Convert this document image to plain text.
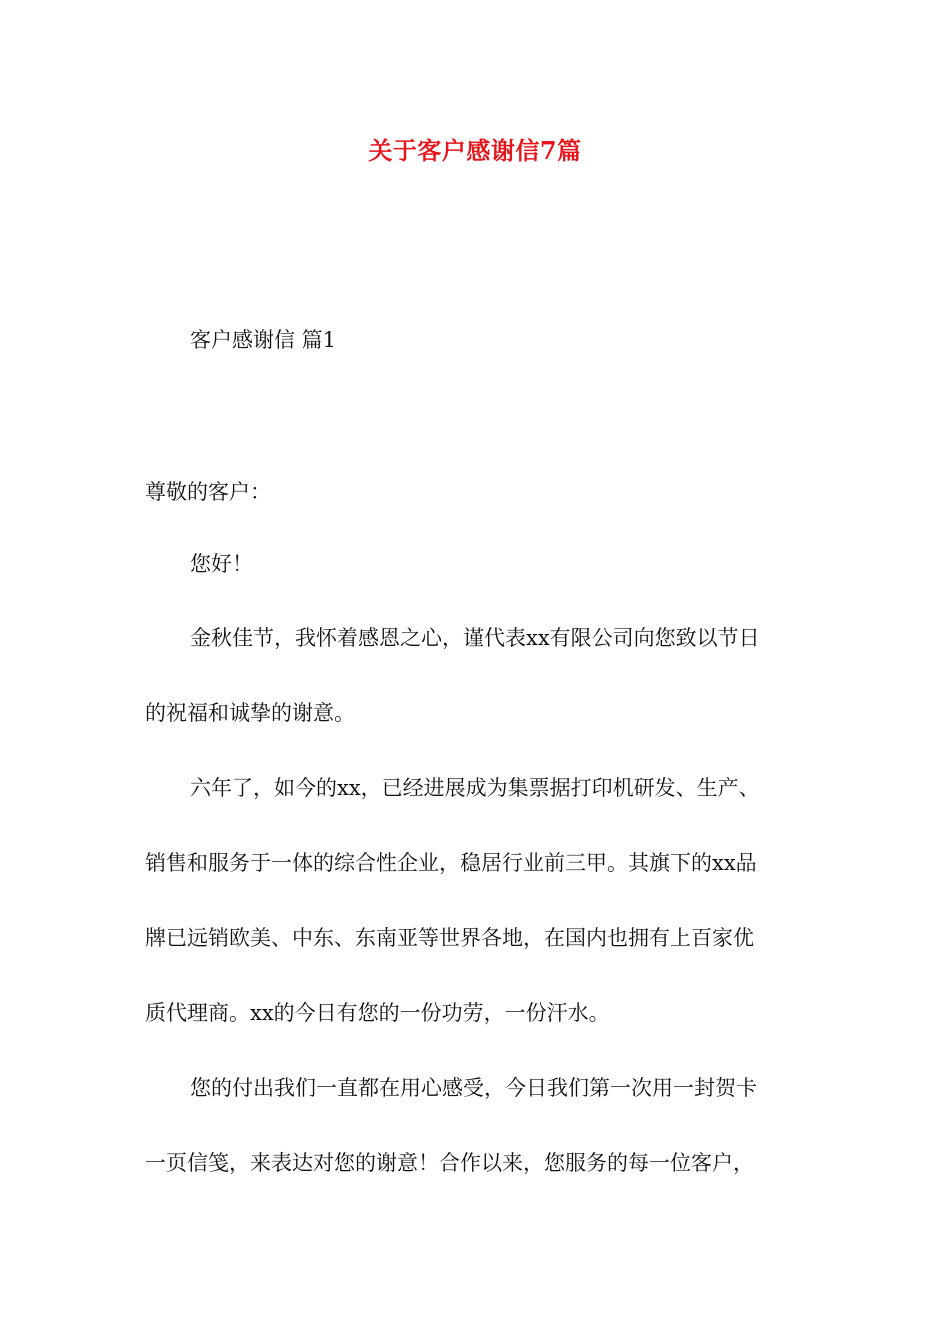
关于客户感谢信7篇
客户感谢信 篇1
尊敬的客户：
您好！
金秋佳节，我怀着感恩之心，谨代表xx有限公司向您致以节日
的祝福和诚挚的谢意。
六年了，如今的xx，已经进展成为集票据打印机研发、生产、
销售和服务于一体的综合性企业，稳居行业前三甲。其旗下的xx品
牌已远销欧美、中东、东南亚等世界各地，在国内也拥有上百家优
质代理商。xx的今日有您的一份功劳，一份汗水。
您的付出我们一直都在用心感受，今日我们第一次用一封贺卡
一页信笺，来表达对您的谢意！合作以来，您服务的每一位客户，
